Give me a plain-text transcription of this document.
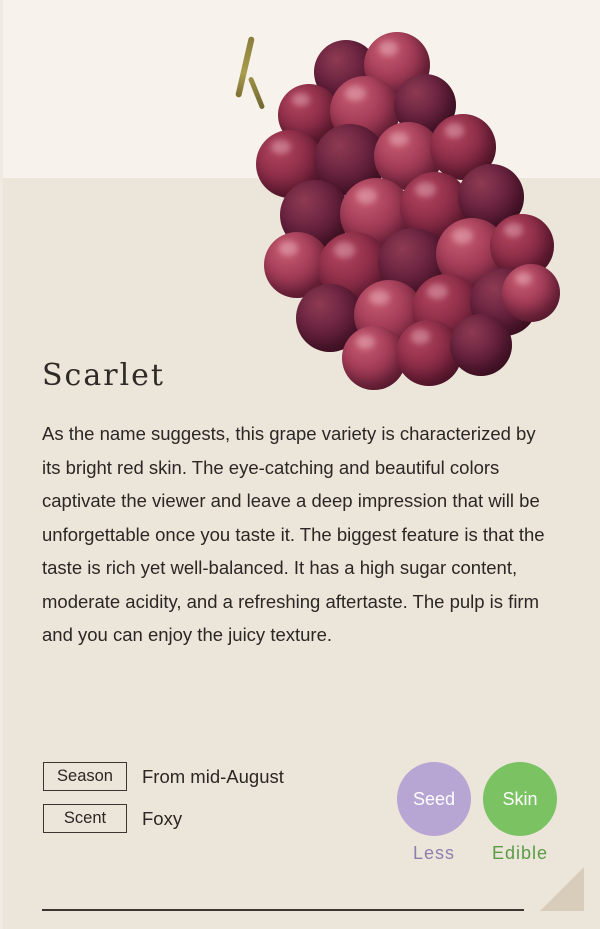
Scarlet

As the name suggests, this grape variety is characterized by its bright red skin. The eye-catching and beautiful colors captivate the viewer and leave a deep impression that will be unforgettable once you taste it. The biggest feature is that the taste is rich yet well-balanced. It has a high sugar content, moderate acidity, and a refreshing aftertaste. The pulp is firm and you can enjoy the juicy texture.

Season	From mid-August
Scent	Foxy
Seed
Less
Skin
Edible
